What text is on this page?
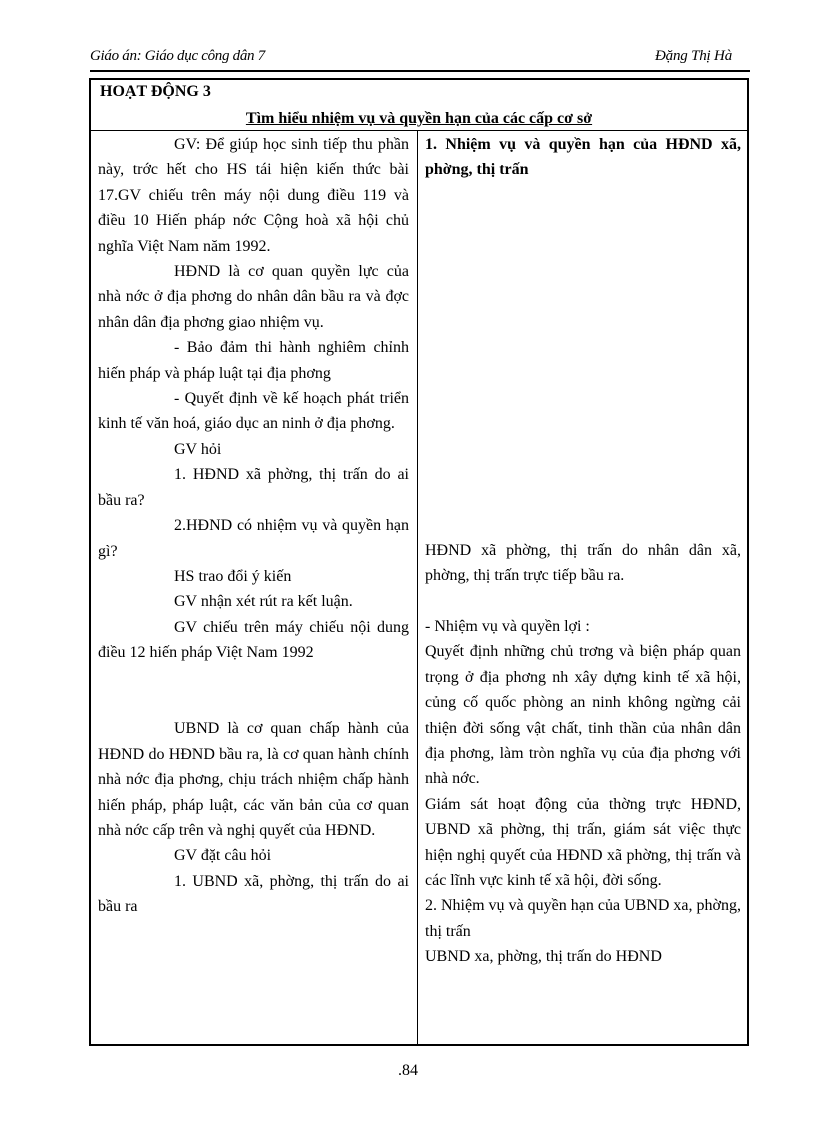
Giáo án: Giáo dục công dân 7	Đặng Thị Hà
HOẠT ĐỘNG 3
Tìm hiểu nhiệm vụ và quyền hạn của các cấp cơ sở

GV: Để giúp học sinh tiếp thu phần này, trớc hết cho HS tái hiện kiến thức bài 17.GV chiếu trên máy nội dung điều 119 và điều 10 Hiến pháp nớc Cộng hoà xã hội chủ nghĩa Việt Nam năm 1992.

HĐND là cơ quan quyền lực của nhà nớc ở địa phơng do nhân dân bầu ra và đợc nhân dân địa phơng giao nhiệm vụ.

- Bảo đảm thi hành nghiêm chỉnh hiến pháp và pháp luật tại địa phơng

- Quyết định về kế hoạch phát triển kinh tế văn hoá, giáo dục an ninh ở địa phơng.

GV hỏi

1. HĐND xã phờng, thị trấn do ai bầu ra?

2.HĐND có nhiệm vụ và quyền hạn gì?

HS trao đổi ý kiến

GV nhận xét rút ra kết luận.

GV chiếu trên máy chiếu nội dung điều 12 hiến pháp Việt Nam 1992

UBND là cơ quan chấp hành của HĐND do HĐND bầu ra, là cơ quan hành chính nhà nớc địa phơng, chịu trách nhiệm chấp hành hiến pháp, pháp luật, các văn bản của cơ quan nhà nớc cấp trên và nghị quyết của HĐND.

GV đặt câu hỏi

1. UBND xã, phờng, thị trấn do ai bầu ra

1. Nhiệm vụ và quyền hạn của HĐND xã, phờng, thị trấn

HĐND xã phờng, thị trấn do nhân dân xã, phờng, thị trấn trực tiếp bầu ra.

- Nhiệm vụ và quyền lợi :

Quyết định những chủ trơng và biện pháp quan trọng ở địa phơng nh xây dựng kinh tế xã hội, củng cố quốc phòng an ninh không ngừng cải thiện đời sống vật chất, tinh thần của nhân dân địa phơng, làm tròn nghĩa vụ của địa phơng với nhà nớc.

Giám sát hoạt động của thờng trực HĐND, UBND xã phờng, thị trấn, giám sát việc thực hiện nghị quyết của HĐND xã phờng, thị trấn và các lĩnh vực kinh tế xã hội, đời sống.

2. Nhiệm vụ và quyền hạn của UBND xa, phờng, thị trấn

UBND xa, phờng, thị trấn do HĐND

.84
